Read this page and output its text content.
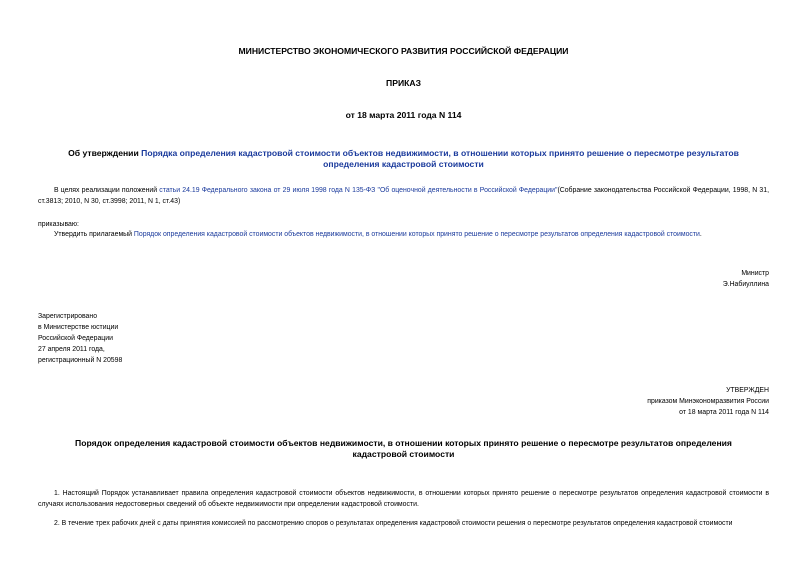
МИНИСТЕРСТВО ЭКОНОМИЧЕСКОГО РАЗВИТИЯ РОССИЙСКОЙ ФЕДЕРАЦИИ
ПРИКАЗ
от 18 марта 2011 года N 114
Об утверждении Порядка определения кадастровой стоимости объектов недвижимости, в отношении которых принято решение о пересмотре результатов определения кадастровой стоимости
В целях реализации положений статьи 24.19 Федерального закона от 29 июля 1998 года N 135-ФЗ "Об оценочной деятельности в Российской Федерации"(Собрание законодательства Российской Федерации, 1998, N 31, ст.3813; 2010, N 30, ст.3998; 2011, N 1, ст.43)
приказываю:
Утвердить прилагаемый Порядок определения кадастровой стоимости объектов недвижимости, в отношении которых принято решение о пересмотре результатов определения кадастровой стоимости.
Министр
Э.Набиуллина
Зарегистрировано
в Министерстве юстиции
Российской Федерации
27 апреля 2011 года,
регистрационный N 20598
УТВЕРЖДЕН
приказом Минэкономразвития России
от 18 марта 2011 года N 114
Порядок определения кадастровой стоимости объектов недвижимости, в отношении которых принято решение о пересмотре результатов определения кадастровой стоимости
1. Настоящий Порядок устанавливает правила определения кадастровой стоимости объектов недвижимости, в отношении которых принято решение о пересмотре результатов определения кадастровой стоимости в случаях использования недостоверных сведений об объекте недвижимости при определении кадастровой стоимости.
2. В течение трех рабочих дней с даты принятия комиссией по рассмотрению споров о результатах определения кадастровой стоимости решения о пересмотре результатов определения кадастровой стоимости
